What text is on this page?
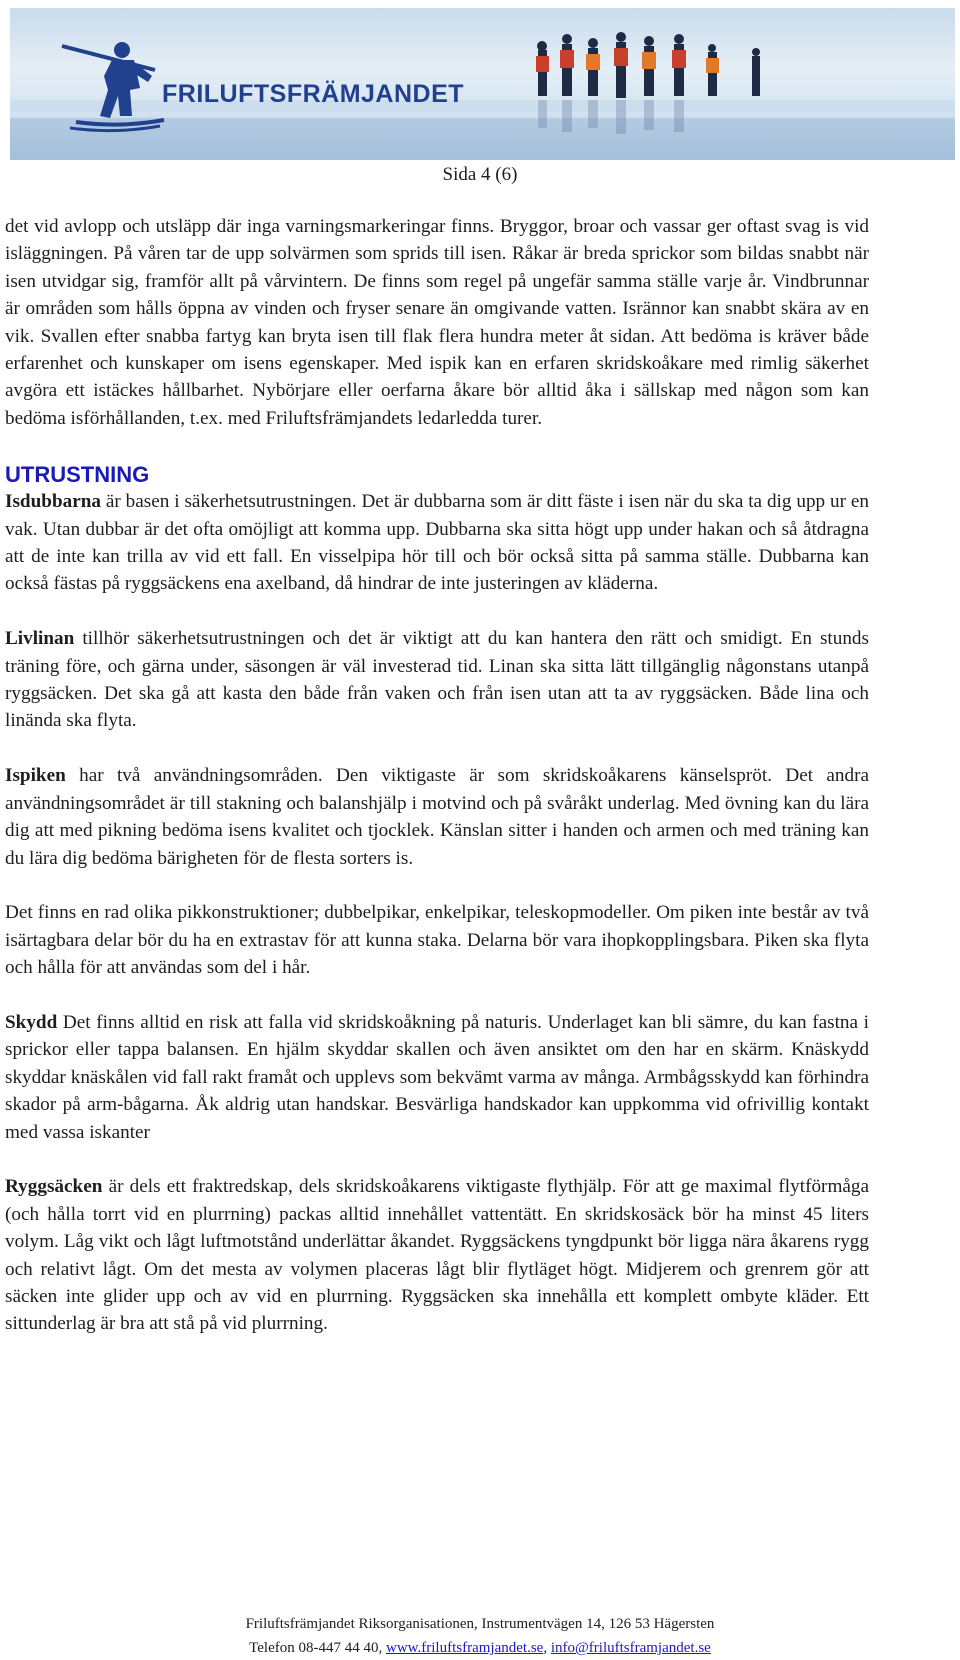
FRILUFTSFRÄMJANDET

Sida 4 (6)

det vid avlopp och utsläpp där inga varningsmarkeringar finns. Bryggor, broar och vassar ger oftast svag is vid isläggningen. På våren tar de upp solvärmen som sprids till isen. Råkar är breda sprickor som bildas snabbt när isen utvidgar sig, framför allt på vårvintern. De finns som regel på ungefär samma ställe varje år. Vindbrunnar är områden som hålls öppna av vinden och fryser senare än omgivande vatten. Isrännor kan snabbt skära av en vik. Svallen efter snabba fartyg kan bryta isen till flak flera hundra meter åt sidan. Att bedöma is kräver både erfarenhet och kunskaper om isens egenskaper. Med ispik kan en erfaren skridskoåkare med rimlig säkerhet avgöra ett istäckes hållbarhet. Nybörjare eller oerfarna åkare bör alltid åka i sällskap med någon som kan bedöma isförhållanden, t.ex. med Friluftsfrämjandets ledarledda turer.

UTRUSTNING

Isdubbarna är basen i säkerhetsutrustningen. Det är dubbarna som är ditt fäste i isen när du ska ta dig upp ur en vak. Utan dubbar är det ofta omöjligt att komma upp. Dubbarna ska sitta högt upp under hakan och så åtdragna att de inte kan trilla av vid ett fall. En visselpipa hör till och bör också sitta på samma ställe. Dubbarna kan också fästas på ryggsäckens ena axelband, då hindrar de inte justeringen av kläderna.

Livlinan tillhör säkerhetsutrustningen och det är viktigt att du kan hantera den rätt och smidigt. En stunds träning före, och gärna under, säsongen är väl investerad tid. Linan ska sitta lätt tillgänglig någonstans utanpå ryggsäcken. Det ska gå att kasta den både från vaken och från isen utan att ta av ryggsäcken. Både lina och linända ska flyta.

Ispiken har två användningsområden. Den viktigaste är som skridskoåkarens känselspröt. Det andra användningsområdet är till stakning och balanshjälp i motvind och på svåråkt underlag. Med övning kan du lära dig att med pikning bedöma isens kvalitet och tjocklek. Känslan sitter i handen och armen och med träning kan du lära dig bedöma bärigheten för de flesta sorters is.

Det finns en rad olika pikkonstruktioner; dubbelpikar, enkelpikar, teleskopmodeller. Om piken inte består av två isärtagbara delar bör du ha en extrastav för att kunna staka. Delarna bör vara ihopkopplingsbara. Piken ska flyta och hålla för att användas som del i hår.

Skydd Det finns alltid en risk att falla vid skridskoåkning på naturis. Underlaget kan bli sämre, du kan fastna i sprickor eller tappa balansen. En hjälm skyddar skallen och även ansiktet om den har en skärm. Knäskydd skyddar knäskålen vid fall rakt framåt och upplevs som bekvämt varma av många. Armbågsskydd kan förhindra skador på arm-bågarna. Åk aldrig utan handskar. Besvärliga handskador kan uppkomma vid ofrivillig kontakt med vassa iskanter

Ryggsäcken är dels ett fraktredskap, dels skridskoåkarens viktigaste flythjälp. För att ge maximal flytförmåga (och hålla torrt vid en plurrning) packas alltid innehållet vattentätt. En skridskosäck bör ha minst 45 liters volym. Låg vikt och lågt luftmotstånd underlättar åkandet. Ryggsäckens tyngdpunkt bör ligga nära åkarens rygg och relativt lågt. Om det mesta av volymen placeras lågt blir flytläget högt. Midjerem och grenrem gör att säcken inte glider upp och av vid en plurrning. Ryggsäcken ska innehålla ett komplett ombyte kläder. Ett sittunderlag är bra att stå på vid plurrning.

Friluftsfrämjandet Riksorganisationen, Instrumentvägen 14, 126 53 Hägersten
Telefon 08-447 44 40, www.friluftsframjandet.se, info@friluftsframjandet.se
